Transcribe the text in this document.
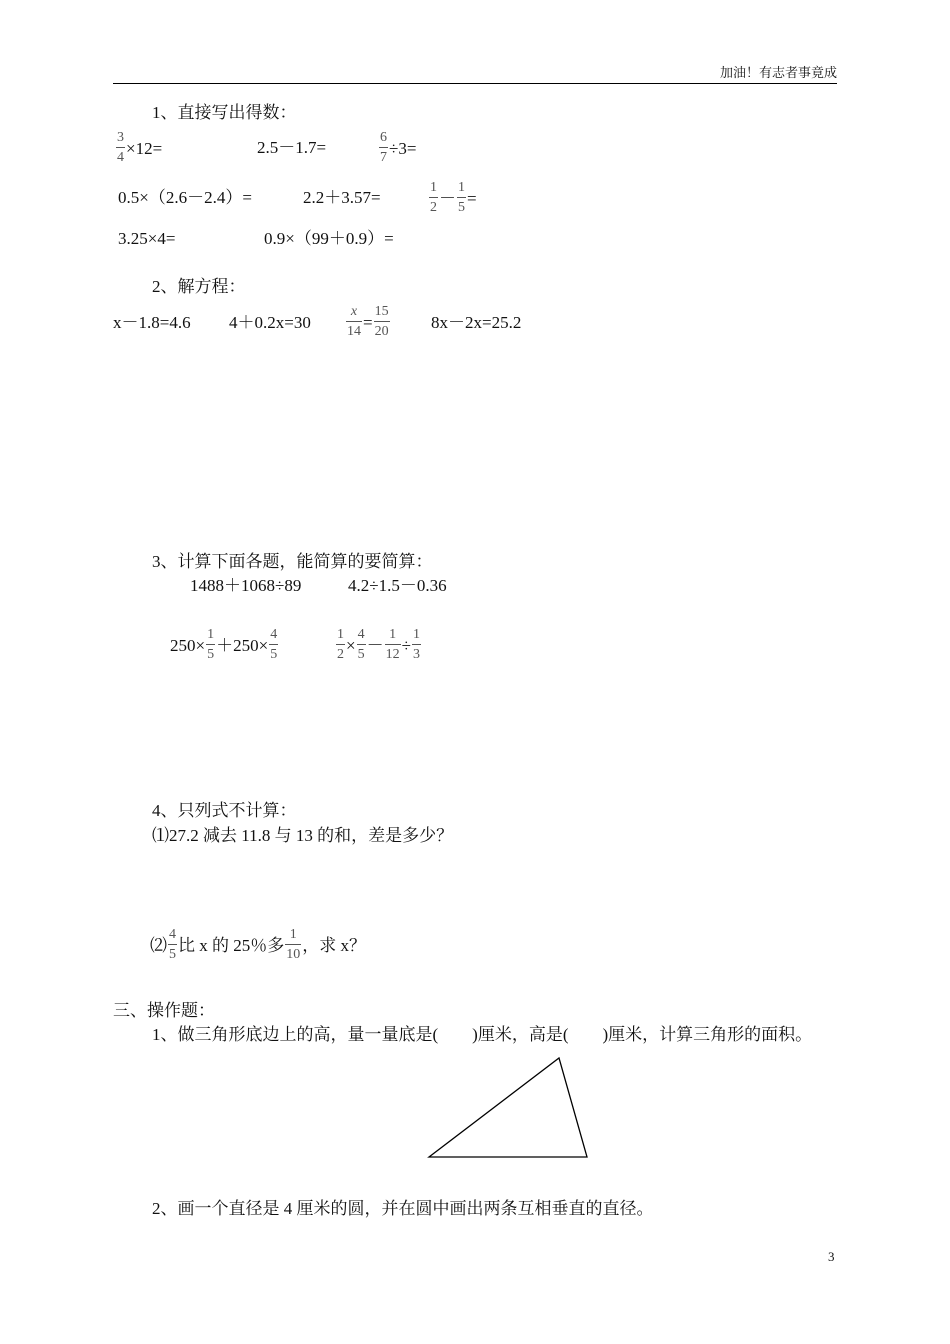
加油！有志者事竟成
1、直接写出得数：
$\frac{3}{4} \times 12=$	2.5－1.7=	$\frac{6}{7} \div 3=$
0.5×（2.6－2.4）=	2.2＋3.57=	$\frac{1}{2} - \frac{1}{5}$ =
3.25×4=	0.9×（99＋0.9）=
2、解方程：
x－1.8=4.6 4＋0.2x=30	$\frac{x}{14} = \frac{15}{20} 8x-2x=25.2$
3、计算下面各题，能简算的要简算：
1488＋1068÷89	4.2÷1.5－0.36
$250\times \frac{1}{5} +250\times \frac{4}{5}$	$\frac{1}{2} \times \frac{4}{5} - \frac{1}{12} \div \frac{1}{3}$
4、只列式不计算：
⑴27.2 减去 11.8 与 13 的和，差是多少？
⑵ $\frac{4}{5}$ 比 x 的 25％多 $\frac{1}{10}$ ，求 x？
三、操作题：
1、做三角形底边上的高，量一量底是(　　)厘米，高是(　　)厘米，计算三角形的面积。
2、画一个直径是 4 厘米的圆，并在圆中画出两条互相垂直的直径。
3
